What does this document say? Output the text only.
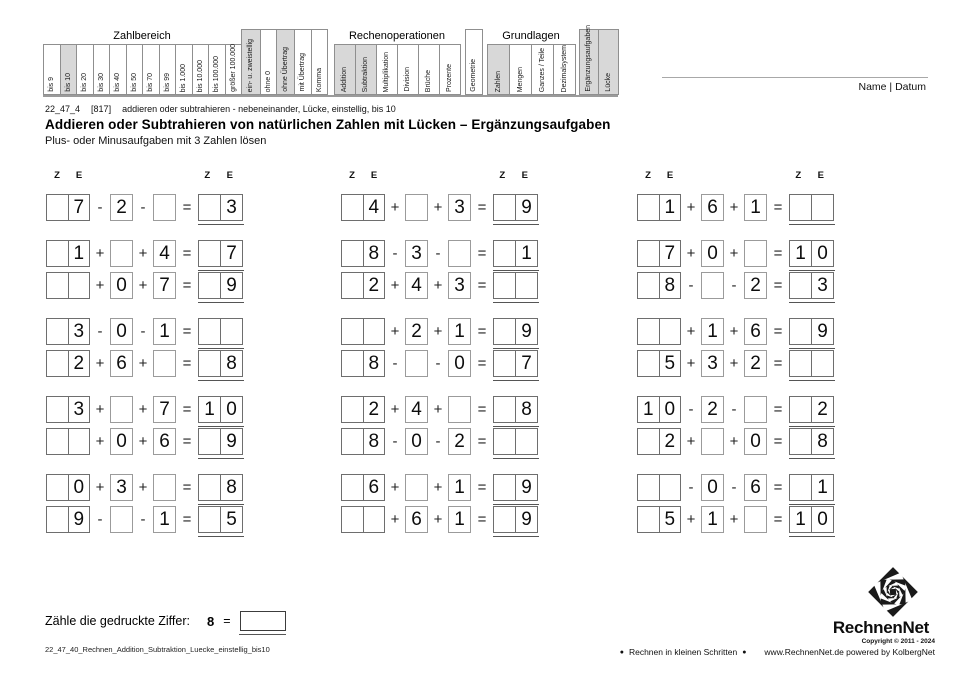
Zahlbereich
bis 9 bis 10 bis 20 bis 30 bis 40 bis 50 bis 70 bis 99 bis 1.000 bis 10.000 bis 100.000 größer 100.000 ein- u. zweistellig ohne 0 ohne Übertrag mit Übertrag Komma
Rechenoperationen
Addition Subtraktion Multiplikation Division Brüche Prozente Geometrie
Grundlagen
Zahlen Mengen Ganzes / Teile Dezimalsystem	Ergänzungsaufgaben Lücke	Name | Datum
22_47_4 [817] addieren oder subtrahieren - nebeneinander, Lücke, einstellig, bis 10
Addieren oder Subtrahieren von natürlichen Zahlen mit Lücken – Ergänzungsaufgaben
Plus- oder Minusaufgaben mit 3 Zahlen lösen
Z	E	Z	E
7 - 2 - =	3
1 + + 4 =	7
+ 0 + 7 =	9
3 - 0 - 1 =
2 + 6 + =	8
3 + + 7 = 1 0
+ 0 + 6 =	9
0 + 3 + =	8
9 -	- 1 =	5
Z	E	Z	E
4 + + 3 =	9
8 - 3 - =	1
2 + 4 + 3 =
+ 2 + 1 =	9
8 -	- 0 =	7
2 + 4 + =	8
8 - 0 - 2 =
6 + + 1 =	9
+ 6 + 1 =	9
Z	E	Z	E
1 + 6 + 1 =
7 + 0 + = 1 0
8 -	- 2 =	3
+ 1 + 6 =	9
5 + 3 + 2 =
1 0 - 2 - =	2
2 + + 0 =	8
- 0 - 6 =	1
5 + 1 + = 1 0
Zähle die gedruckte Ziffer: 8 =
22_47_40_Rechnen_Addition_Subtraktion_Luecke_einstellig_bis10	● Rechnen in kleinen Schritten ● www.RechnenNet.de powered by KolbergNet
RechnenNet
Copyright © 2011 - 2024
